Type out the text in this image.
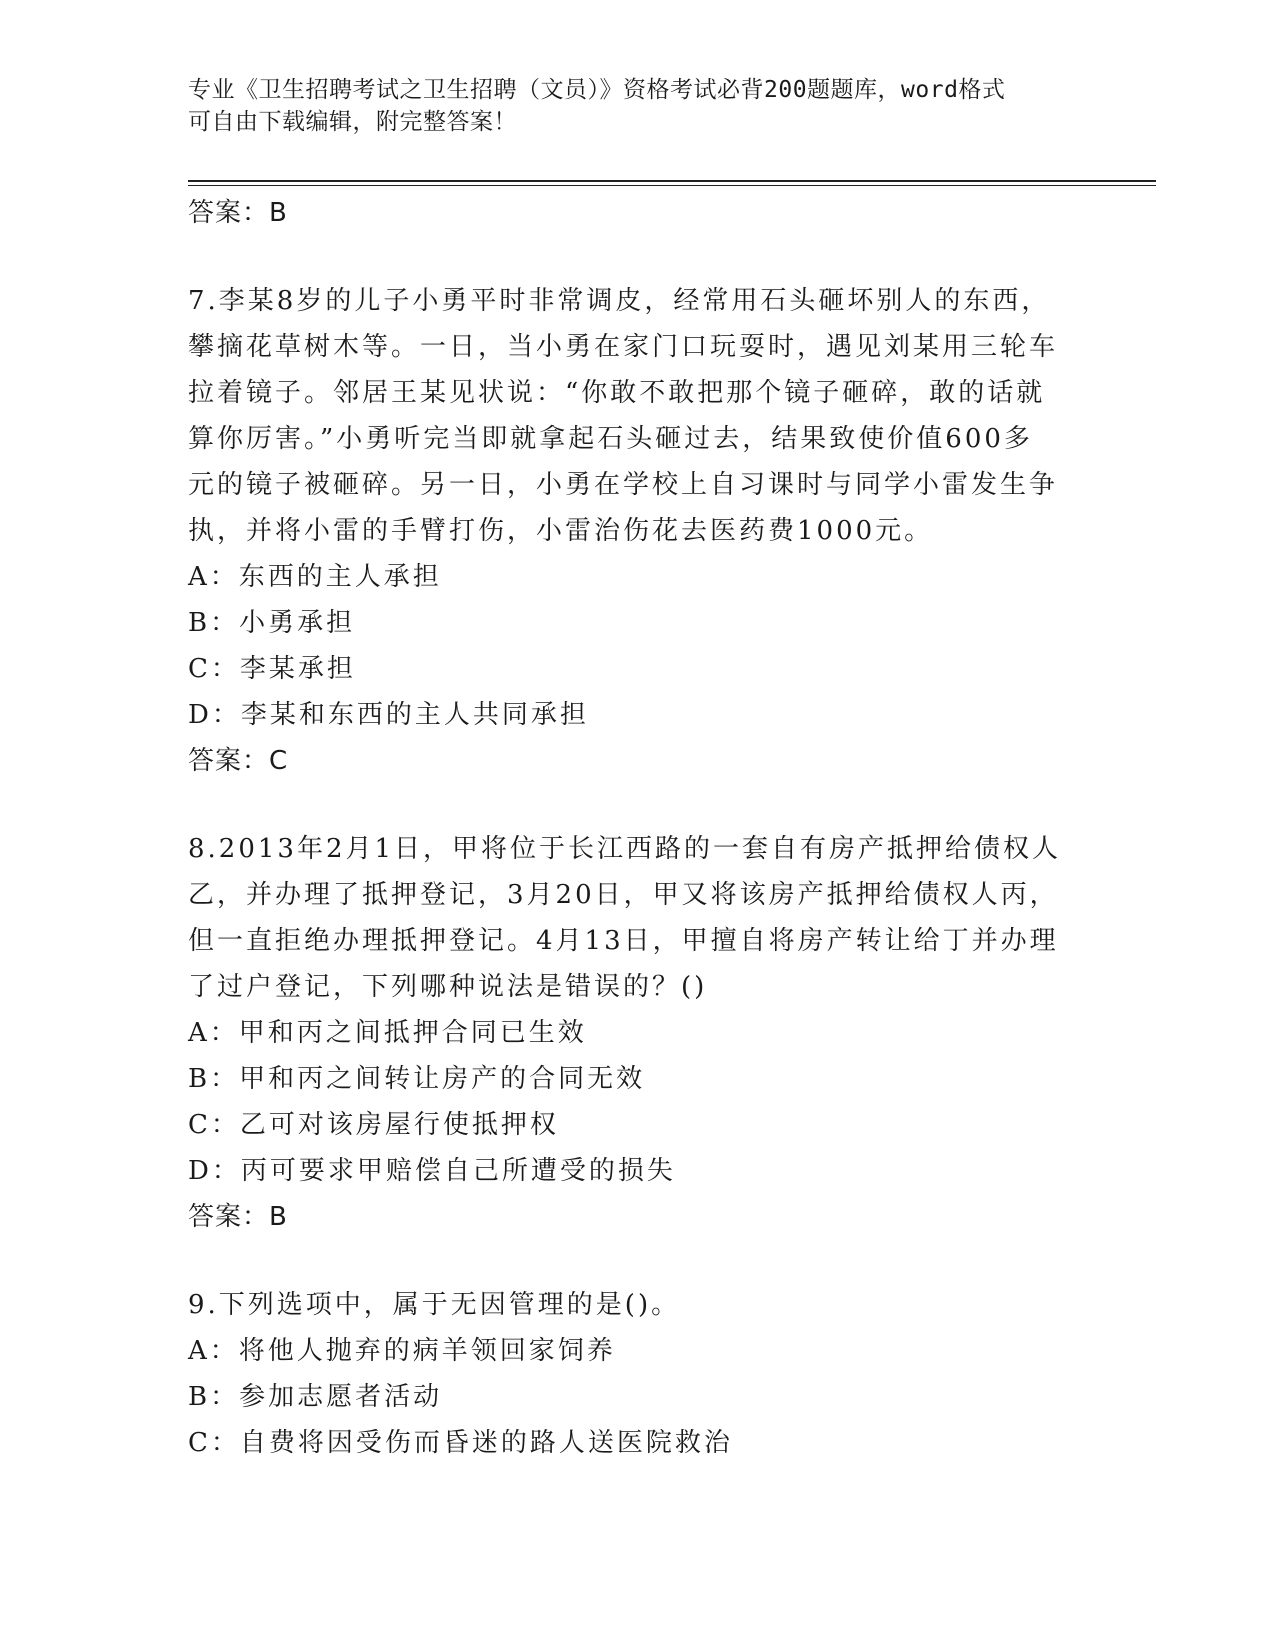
专业《卫生招聘考试之卫生招聘（文员）》资格考试必背200题题库，word格式
可自由下载编辑，附完整答案！
答案：B
7.李某8岁的儿子小勇平时非常调皮，经常用石头砸坏别人的东西，
攀摘花草树木等。一日，当小勇在家门口玩耍时，遇见刘某用三轮车
拉着镜子。邻居王某见状说：“你敢不敢把那个镜子砸碎，敢的话就
算你厉害。”小勇听完当即就拿起石头砸过去，结果致使价值600多
元的镜子被砸碎。另一日，小勇在学校上自习课时与同学小雷发生争
执，并将小雷的手臂打伤，小雷治伤花去医药费1000元。
A：东西的主人承担
B：小勇承担
C：李某承担
D：李某和东西的主人共同承担
答案：C
8.2013年2月1日，甲将位于长江西路的一套自有房产抵押给债权人
乙，并办理了抵押登记，3月20日，甲又将该房产抵押给债权人丙，
但一直拒绝办理抵押登记。4月13日，甲擅自将房产转让给丁并办理
了过户登记，下列哪种说法是错误的？()
A：甲和丙之间抵押合同已生效
B：甲和丙之间转让房产的合同无效
C：乙可对该房屋行使抵押权
D：丙可要求甲赔偿自己所遭受的损失
答案：B
9.下列选项中，属于无因管理的是()。
A：将他人抛弃的病羊领回家饲养
B：参加志愿者活动
C：自费将因受伤而昏迷的路人送医院救治
